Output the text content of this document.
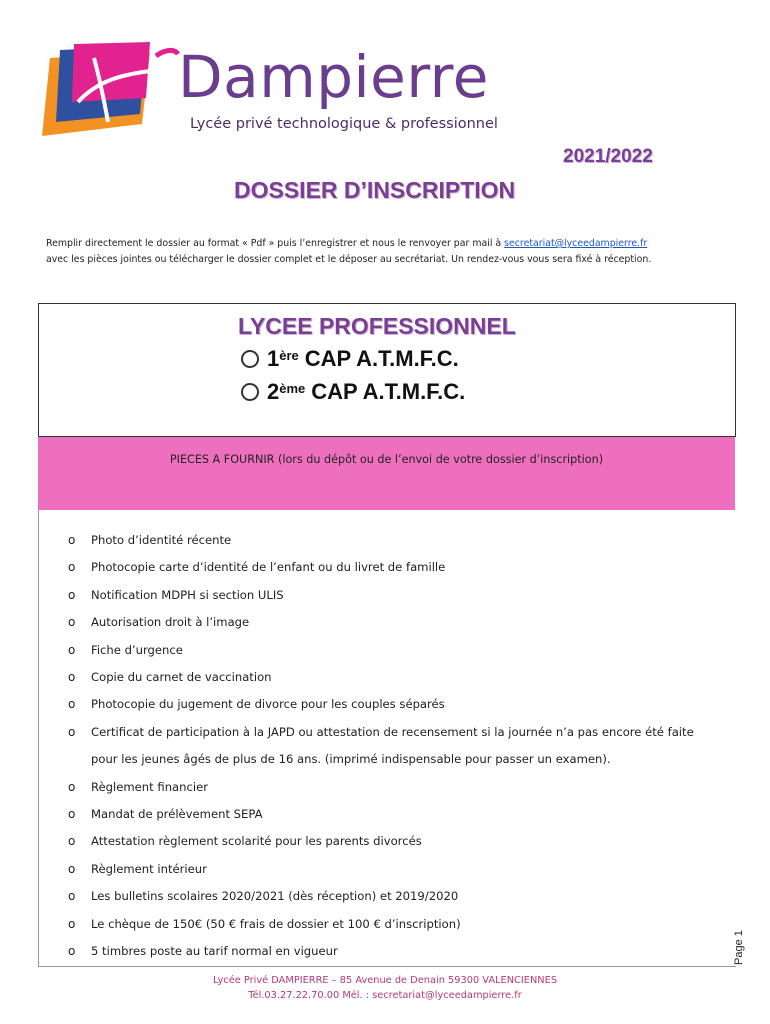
Dampierre
Lycée privé technologique & professionnel
2021/2022
DOSSIER D’INSCRIPTION
Remplir directement le dossier au format « Pdf » puis l’enregistrer et nous le renvoyer par mail à secretariat@lyceedampierre.fr
avec les pièces jointes ou télécharger le dossier complet et le déposer au secrétariat. Un rendez-vous vous sera fixé à réception.
LYCEE PROFESSIONNEL
1ère CAP A.T.M.F.C.
2ème CAP A.T.M.F.C.
PIECES A FOURNIR (lors du dépôt ou de l’envoi de votre dossier d’inscription)
o Photo d’identité récente
o Photocopie carte d’identité de l’enfant ou du livret de famille
o Notification MDPH si section ULIS
o Autorisation droit à l’image
o Fiche d’urgence
o Copie du carnet de vaccination
o Photocopie du jugement de divorce pour les couples séparés
o Certificat de participation à la JAPD ou attestation de recensement si la journée n’a pas encore été faite pour les jeunes âgés de plus de 16 ans. (imprimé indispensable pour passer un examen).
o Règlement financier
o Mandat de prélèvement SEPA
o Attestation règlement scolarité pour les parents divorcés
o Règlement intérieur
o Les bulletins scolaires 2020/2021 (dès réception) et 2019/2020
o Le chèque de 150€ (50 € frais de dossier et 100 € d’inscription)
o 5 timbres poste au tarif normal en vigueur	Page 1
Lycée Privé DAMPIERRE – 85 Avenue de Denain 59300 VALENCIENNES
Tél.03.27.22.70.00 Mél. : secretariat@lyceedampierre.fr
